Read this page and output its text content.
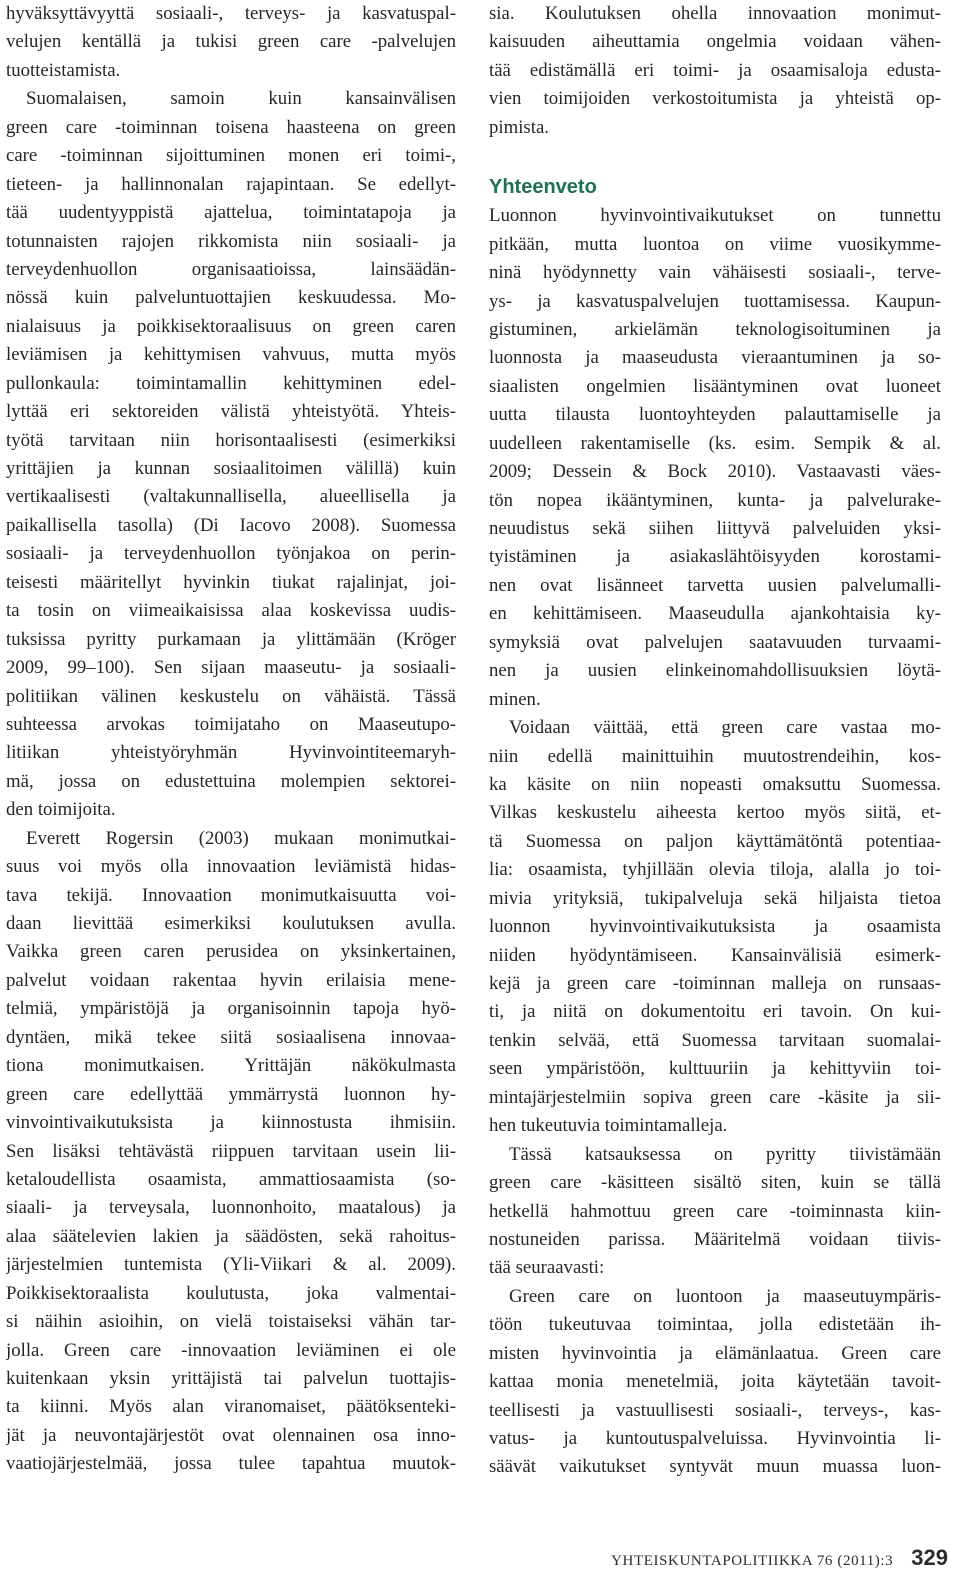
hyväksyttävyyttä sosiaali-, terveys- ja kasvatuspal-
velujen kentällä ja tukisi green care -palvelujen
tuotteistamista.
Suomalaisen, samoin kuin kansainvälisen
green care -toiminnan toisena haasteena on green
care -toiminnan sijoittuminen monen eri toimi-,
tieteen- ja hallinnonalan rajapintaan. Se edellyt-
tää uudentyyppistä ajattelua, toimintatapoja ja
totunnaisten rajojen rikkomista niin sosiaali- ja
terveydenhuollon organisaatioissa, lainsäädän-
nössä kuin palveluntuottajien keskuudessa. Mo-
nialaisuus ja poikkisektoraalisuus on green caren
leviämisen ja kehittymisen vahvuus, mutta myös
pullonkaula: toimintamallin kehittyminen edel-
lyttää eri sektoreiden välistä yhteistyötä. Yhteis-
työtä tarvitaan niin horisontaalisesti (esimerkiksi
yrittäjien ja kunnan sosiaalitoimen välillä) kuin
vertikaalisesti (valtakunnallisella, alueellisella ja
paikallisella tasolla) (Di Iacovo 2008). Suomessa
sosiaali- ja terveydenhuollon työnjakoa on perin-
teisesti määritellyt hyvinkin tiukat rajalinjat, joi-
ta tosin on viimeaikaisissa alaa koskevissa uudis-
tuksissa pyritty purkamaan ja ylittämään (Kröger
2009, 99–100). Sen sijaan maaseutu- ja sosiaali-
politiikan välinen keskustelu on vähäistä. Tässä
suhteessa arvokas toimijataho on Maaseutupo-
litiikan yhteistyöryhmän Hyvinvointiteemaryh-
mä, jossa on edustettuina molempien sektorei-
den toimijoita.
Everett Rogersin (2003) mukaan monimutkai-
suus voi myös olla innovaation leviämistä hidas-
tava tekijä. Innovaation monimutkaisuutta voi-
daan lievittää esimerkiksi koulutuksen avulla.
Vaikka green caren perusidea on yksinkertainen,
palvelut voidaan rakentaa hyvin erilaisia mene-
telmiä, ympäristöjä ja organisoinnin tapoja hyö-
dyntäen, mikä tekee siitä sosiaalisena innovaa-
tiona monimutkaisen. Yrittäjän näkökulmasta
green care edellyttää ymmärrystä luonnon hy-
vinvointivaikutuksista ja kiinnostusta ihmisiin.
Sen lisäksi tehtävästä riippuen tarvitaan usein lii-
ketaloudellista osaamista, ammattiosaamista (so-
siaali- ja terveysala, luonnonhoito, maatalous) ja
alaa säätelevien lakien ja säädösten, sekä rahoitus-
järjestelmien tuntemista (Yli-Viikari & al. 2009).
Poikkisektoraalista koulutusta, joka valmentai-
si näihin asioihin, on vielä toistaiseksi vähän tar-
jolla. Green care -innovaation leviäminen ei ole
kuitenkaan yksin yrittäjistä tai palvelun tuottajis-
ta kiinni. Myös alan viranomaiset, päätöksenteki-
jät ja neuvontajärjestöt ovat olennainen osa inno-
vaatiojärjestelmää, jossa tulee tapahtua muutok-
sia. Koulutuksen ohella innovaation monimut-
kaisuuden aiheuttamia ongelmia voidaan vähen-
tää edistämällä eri toimi- ja osaamisaloja edusta-
vien toimijoiden verkostoitumista ja yhteistä op-
pimista.
Yhteenveto
Luonnon hyvinvointivaikutukset on tunnettu
pitkään, mutta luontoa on viime vuosikymme-
ninä hyödynnetty vain vähäisesti sosiaali-, terve-
ys- ja kasvatuspalvelujen tuottamisessa. Kaupun-
gistuminen, arkielämän teknologisoituminen ja
luonnosta ja maaseudusta vieraantuminen ja so-
siaalisten ongelmien lisääntyminen ovat luoneet
uutta tilausta luontoyhteyden palauttamiselle ja
uudelleen rakentamiselle (ks. esim. Sempik & al.
2009; Dessein & Bock 2010). Vastaavasti väes-
tön nopea ikääntyminen, kunta- ja palvelurake-
neuudistus sekä siihen liittyvä palveluiden yksi-
tyistäminen ja asiakaslähtöisyyden korostami-
nen ovat lisänneet tarvetta uusien palvelumalli-
en kehittämiseen. Maaseudulla ajankohtaisia ky-
symyksiä ovat palvelujen saatavuuden turvaami-
nen ja uusien elinkeinomahdollisuuksien löytä-
minen.
Voidaan väittää, että green care vastaa mo-
niin edellä mainittuihin muutostrendeihin, kos-
ka käsite on niin nopeasti omaksuttu Suomessa.
Vilkas keskustelu aiheesta kertoo myös siitä, et-
tä Suomessa on paljon käyttämätöntä potentiaa-
lia: osaamista, tyhjillään olevia tiloja, alalla jo toi-
mivia yrityksiä, tukipalveluja sekä hiljaista tietoa
luonnon hyvinvointivaikutuksista ja osaamista
niiden hyödyntämiseen. Kansainvälisiä esimerk-
kejä ja green care -toiminnan malleja on runsaas-
ti, ja niitä on dokumentoitu eri tavoin. On kui-
tenkin selvää, että Suomessa tarvitaan suomalai-
seen ympäristöön, kulttuuriin ja kehittyviin toi-
mintajärjestelmiin sopiva green care -käsite ja sii-
hen tukeutuvia toimintamalleja.
Tässä katsauksessa on pyritty tiivistämään
green care -käsitteen sisältö siten, kuin se tällä
hetkellä hahmottuu green care -toiminnasta kiin-
nostuneiden parissa. Määritelmä voidaan tiivis-
tää seuraavasti:
Green care on luontoon ja maaseutuympäris-
töön tukeutuvaa toimintaa, jolla edistetään ih-
misten hyvinvointia ja elämänlaatua. Green care
kattaa monia menetelmiä, joita käytetään tavoit-
teellisesti ja vastuullisesti sosiaali-, terveys-, kas-
vatus- ja kuntoutuspalveluissa. Hyvinvointia li-
säävät vaikutukset syntyvät muun muassa luon-
YHTEISKUNTAPOLITIIKKA 76 (2011):3 329
